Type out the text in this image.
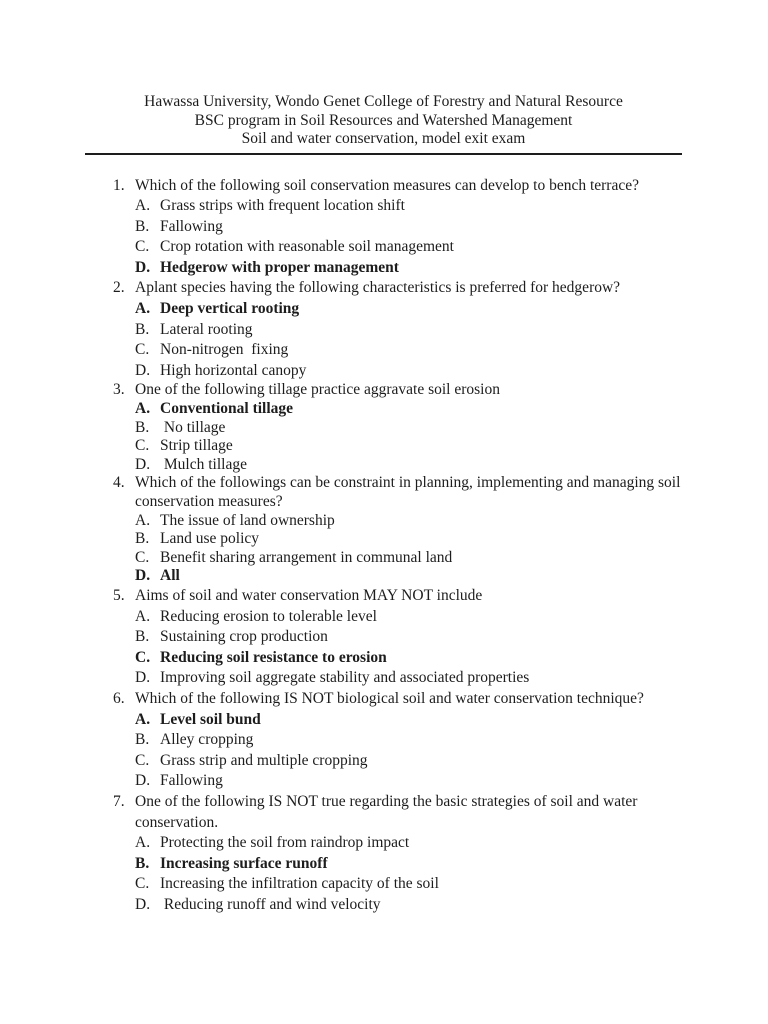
Hawassa University, Wondo Genet College of Forestry and Natural Resource
BSC program in Soil Resources and Watershed Management
Soil and water conservation, model exit exam
1. Which of the following soil conservation measures can develop to bench terrace?
A. Grass strips with frequent location shift
B. Fallowing
C. Crop rotation with reasonable soil management
D. Hedgerow with proper management
2. Aplant species having the following characteristics is preferred for hedgerow?
A. Deep vertical rooting
B. Lateral rooting
C. Non-nitrogen  fixing
D. High horizontal canopy
3. One of the following tillage practice aggravate soil erosion
A. Conventional tillage
B. No tillage
C. Strip tillage
D. Mulch tillage
4. Which of the followings can be constraint in planning, implementing and managing soil conservation measures?
A. The issue of land ownership
B. Land use policy
C. Benefit sharing arrangement in communal land
D. All
5. Aims of soil and water conservation MAY NOT include
A. Reducing erosion to tolerable level
B. Sustaining crop production
C. Reducing soil resistance to erosion
D. Improving soil aggregate stability and associated properties
6. Which of the following IS NOT biological soil and water conservation technique?
A. Level soil bund
B. Alley cropping
C. Grass strip and multiple cropping
D. Fallowing
7. One of the following IS NOT true regarding the basic strategies of soil and water conservation.
A. Protecting the soil from raindrop impact
B. Increasing surface runoff
C. Increasing the infiltration capacity of the soil
D. Reducing runoff and wind velocity
